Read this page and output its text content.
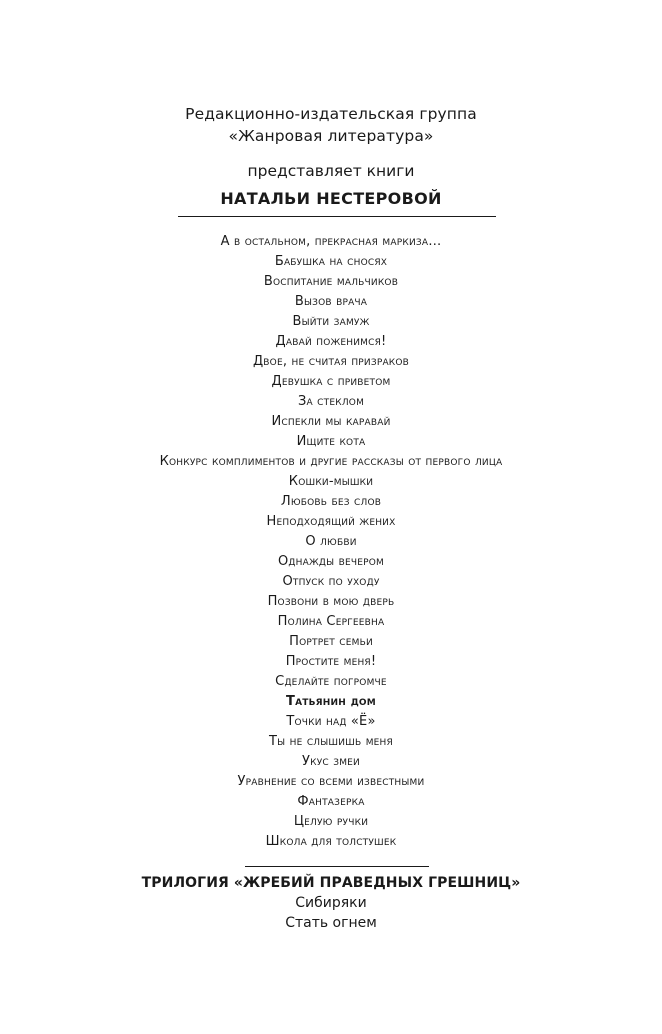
Редакционно-издательская группа
«Жанровая литература»
представляет книги
НАТАЛЬИ НЕСТЕРОВОЙ
А в остальном, прекрасная маркиза…
Бабушка на сносях
Воспитание мальчиков
Вызов врача
Выйти замуж
Давай поженимся!
Двое, не считая призраков
Девушка с приветом
За стеклом
Испекли мы каравай
Ищите кота
Конкурс комплиментов и другие рассказы от первого лица
Кошки-мышки
Любовь без слов
Неподходящий жених
О любви
Однажды вечером
Отпуск по уходу
Позвони в мою дверь
Полина Сергеевна
Портрет семьи
Простите меня!
Сделайте погромче
Татьянин дом
Точки над «Ё»
Ты не слышишь меня
Укус змеи
Уравнение со всеми известными
Фантазерка
Целую ручки
Школа для толстушек
ТРИЛОГИЯ «ЖРЕБИЙ ПРАВЕДНЫХ ГРЕШНИЦ»
Сибиряки
Стать огнем
